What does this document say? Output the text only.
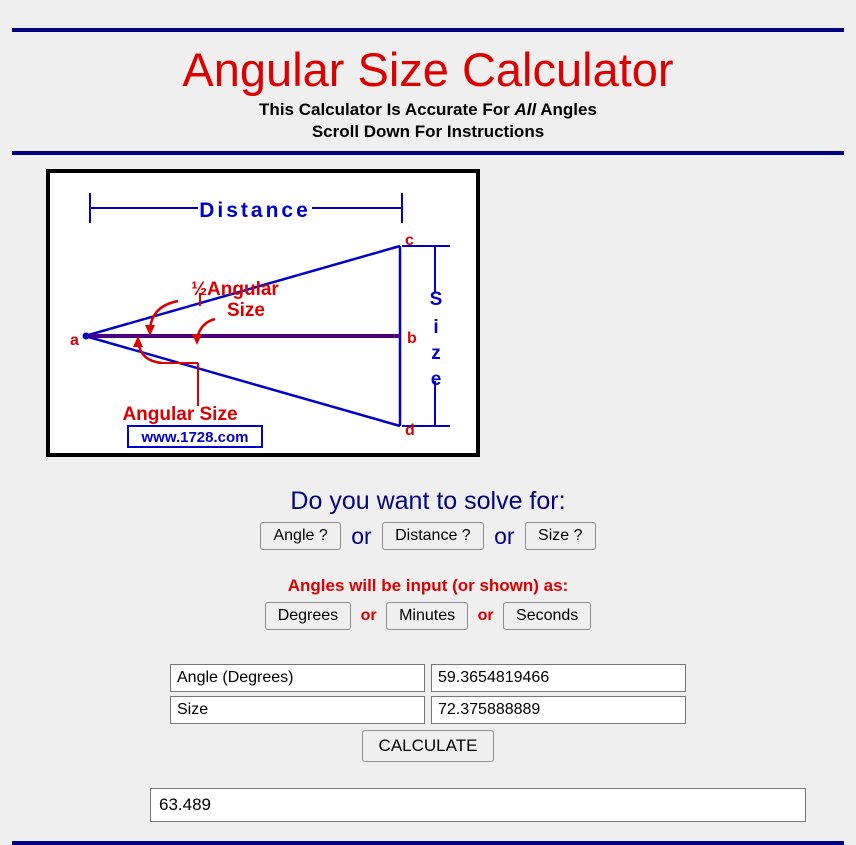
Angular Size Calculator
This Calculator Is Accurate For All Angles
Scroll Down For Instructions
Distance
S
i
z
e
a	b
c
d
½Angular
Size
Angular Size
www.1728.com
Do you want to solve for:
Angle ? or Distance ? or Size ?
Angles will be input (or shown) as:
Degrees or Minutes or Seconds
Angle (Degrees)
59.3654819466
Size
72.375888889
CALCULATE
63.489
